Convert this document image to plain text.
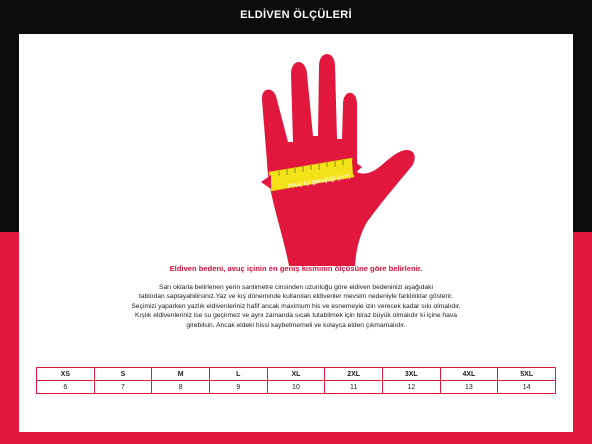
ELDİVEN ÖLÇÜLERİ
Avuç içi genişliği (cm)
Eldiven bedeni, avuç içinin en geniş kısmının ölçüsüne göre belirlenir.
Sarı oklarla belirlenen yerin santimetre cinsinden uzunluğu göre eldiven bedeninizi aşağıdaki
tablodan saptayabilirsiniz.Yaz ve kış döneminde kullanılan eldivenler mevsim nedeniyle farklılıklar gösterir.
Seçimizi yaparken yazlık eldivenleriniz hafif ancak maximum his ve esnemeyie izin verecek kadar sıkı olmalıdır.
Kışlık eldivenleriniz ise su geçirmez ve aynı zamanda sıcak tutabilmek için biraz büyük olmalıdır ki içine hava
girebilsin. Ancak eldeki hissi kaybetmemeli ve kolayca elden çıkmamalıdır.
XS	S	M	L	XL	2XL	3XL	4XL	5XL
6	7	8	9	10	11	12	13	14
